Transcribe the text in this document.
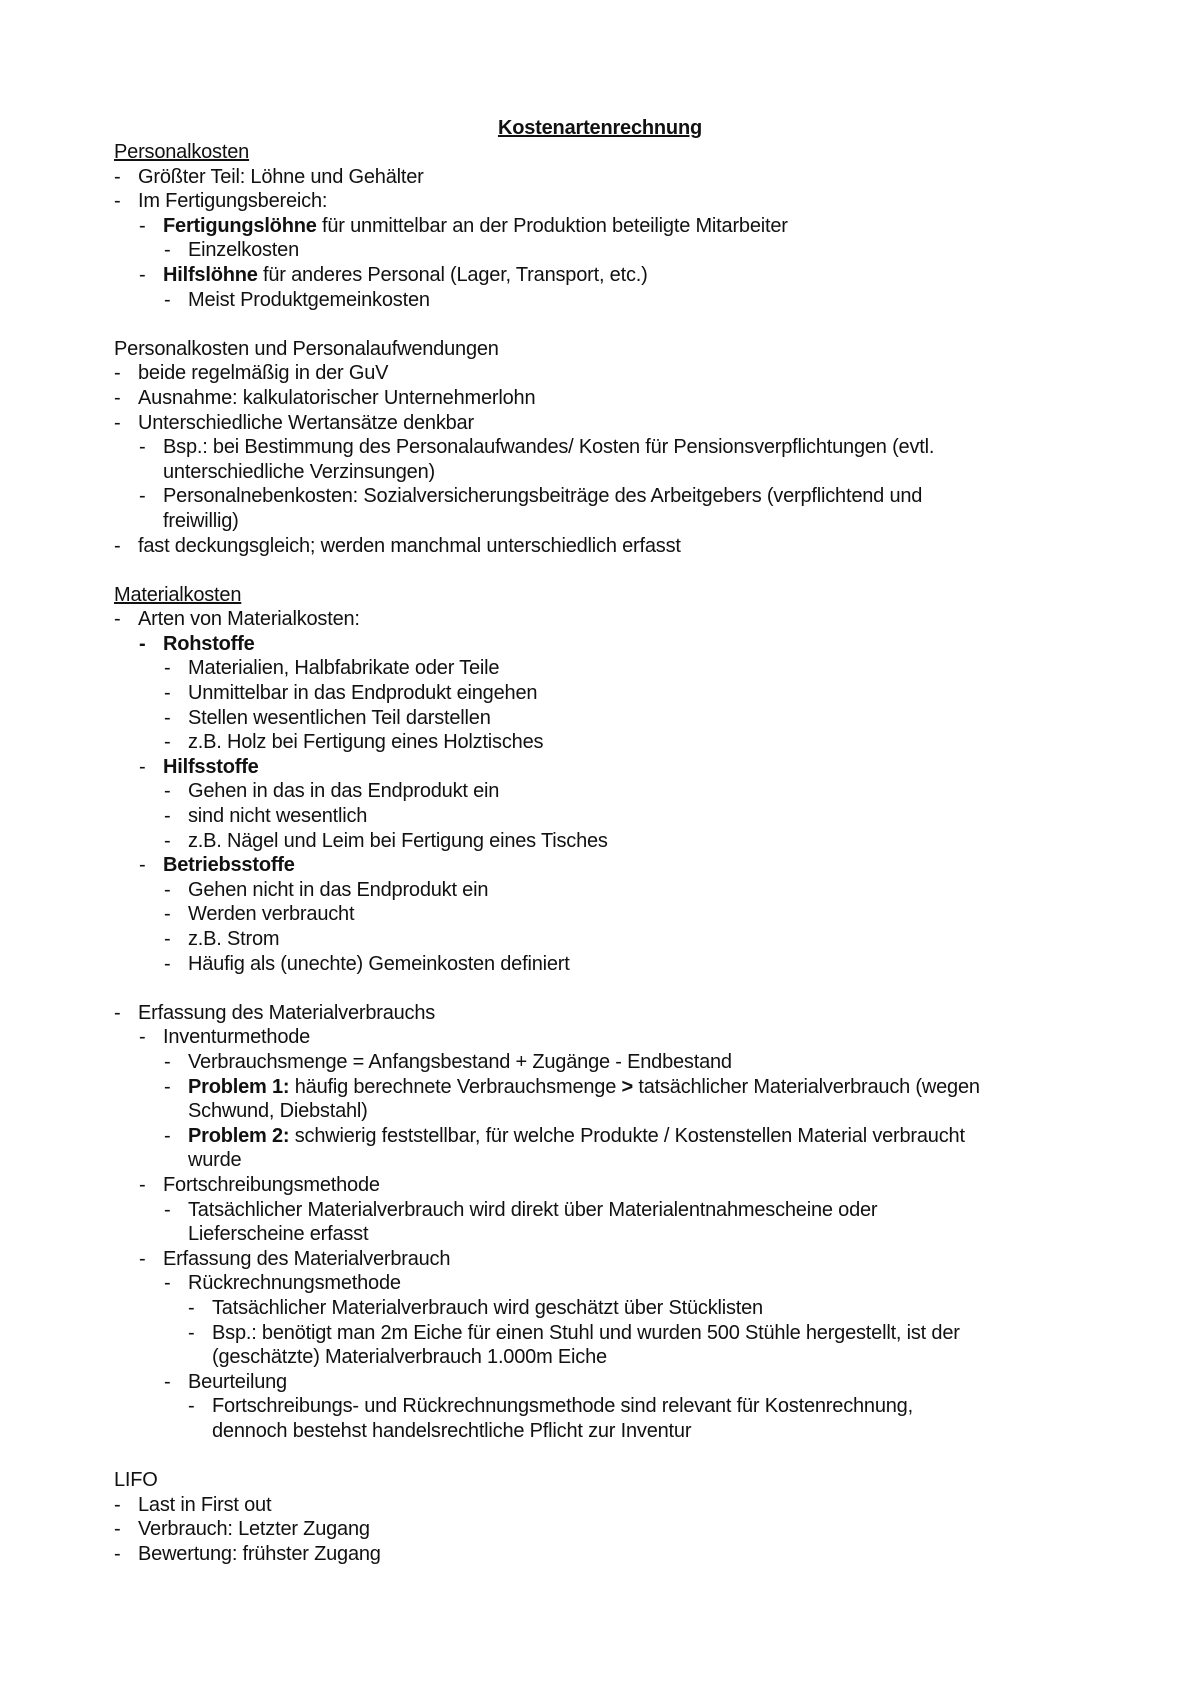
Kostenartenrechnung

Personalkosten

- Größter Teil: Löhne und Gehälter

- Im Fertigungsbereich:

- Fertigungslöhne für unmittelbar an der Produktion beteiligte Mitarbeiter

- Einzelkosten

- Hilfslöhne für anderes Personal (Lager, Transport, etc.)

- Meist Produktgemeinkosten

Personalkosten und Personalaufwendungen

- beide regelmäßig in der GuV

- Ausnahme: kalkulatorischer Unternehmerlohn

- Unterschiedliche Wertansätze denkbar

- Bsp.: bei Bestimmung des Personalaufwandes/ Kosten für Pensionsverpflichtungen (evtl.
unterschiedliche Verzinsungen)

- Personalnebenkosten: Sozialversicherungsbeiträge des Arbeitgebers (verpflichtend und
freiwillig)

- fast deckungsgleich; werden manchmal unterschiedlich erfasst

Materialkosten

- Arten von Materialkosten:

- Rohstoffe

- Materialien, Halbfabrikate oder Teile

- Unmittelbar in das Endprodukt eingehen

- Stellen wesentlichen Teil darstellen

- z.B. Holz bei Fertigung eines Holztisches

- Hilfsstoffe

- Gehen in das in das Endprodukt ein

- sind nicht wesentlich

- z.B. Nägel und Leim bei Fertigung eines Tisches

- Betriebsstoffe

- Gehen nicht in das Endprodukt ein

- Werden verbraucht

- z.B. Strom

- Häufig als (unechte) Gemeinkosten definiert

- Erfassung des Materialverbrauchs

- Inventurmethode

- Verbrauchsmenge = Anfangsbestand + Zugänge - Endbestand

- Problem 1: häufig berechnete Verbrauchsmenge > tatsächlicher Materialverbrauch (wegen
Schwund, Diebstahl)

- Problem 2: schwierig feststellbar, für welche Produkte / Kostenstellen Material verbraucht
wurde

- Fortschreibungsmethode

- Tatsächlicher Materialverbrauch wird direkt über Materialentnahmescheine oder
Lieferscheine erfasst

- Erfassung des Materialverbrauch

- Rückrechnungsmethode

- Tatsächlicher Materialverbrauch wird geschätzt über Stücklisten

- Bsp.: benötigt man 2m Eiche für einen Stuhl und wurden 500 Stühle hergestellt, ist der
(geschätzte) Materialverbrauch 1.000m Eiche

- Beurteilung

- Fortschreibungs- und Rückrechnungsmethode sind relevant für Kostenrechnung,
dennoch bestehst handelsrechtliche Pflicht zur Inventur

LIFO

- Last in First out

- Verbrauch: Letzter Zugang

- Bewertung: frühster Zugang
